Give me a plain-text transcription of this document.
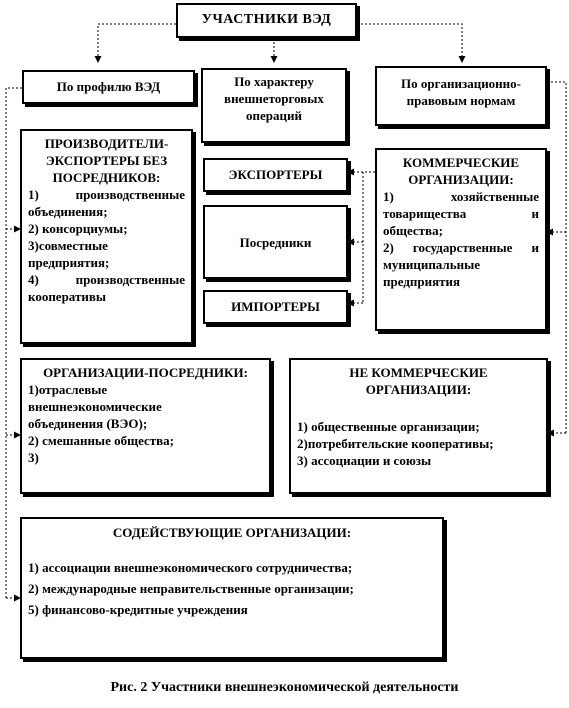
УЧАСТНИКИ ВЭД
По профилю ВЭД	По характеру внешнеторговых операций
По организационно-правовым нормам
ПРОИЗВОДИТЕЛИ-ЭКСПОРТЕРЫ БЕЗ ПОСРЕДНИКОВ:
1) производственные объединения;
2) консорциумы;
3)совместные предприятия;
4) производственные кооперативы
ЭКСПОРТЕРЫ
Посредники
ИМПОРТЕРЫ
КОММЕРЧЕСКИЕ ОРГАНИЗАЦИИ:
1) хозяйственные товарищества и общества;
2) государственные и муниципальные предприятия
ОРГАНИЗАЦИИ-ПОСРЕДНИКИ:
1)отраслевые внешнеэкономические объединения (ВЭО);
2) смешанные общества;
3)
НЕ КОММЕРЧЕСКИЕ ОРГАНИЗАЦИИ:
1) общественные организации;
2)потребительские кооперативы;
3) ассоциации и союзы
СОДЕЙСТВУЮЩИЕ ОРГАНИЗАЦИИ:
1) ассоциации внешнеэкономического сотрудничества;
2) международные неправительственные организации;
5) финансово-кредитные учреждения
Рис. 2 Участники внешнеэкономической деятельности
